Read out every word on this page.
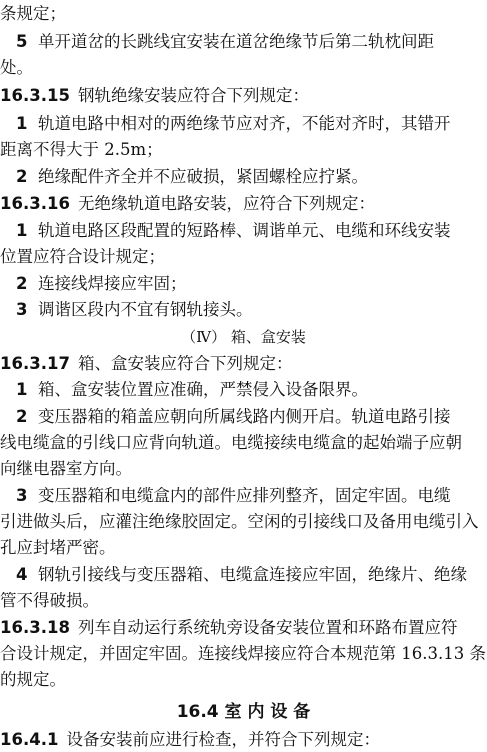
条规定；
5 单开道岔的长跳线宜安装在道岔绝缘节后第二轨枕间距
处。
16.3.15 钢轨绝缘安装应符合下列规定：
1 轨道电路中相对的两绝缘节应对齐，不能对齐时，其错开
距离不得大于 2.5m；
2 绝缘配件齐全并不应破损，紧固螺栓应拧紧。
16.3.16 无绝缘轨道电路安装，应符合下列规定：
1 轨道电路区段配置的短路棒、调谐单元、电缆和环线安装
位置应符合设计规定；
2 连接线焊接应牢固；
3 调谐区段内不宜有钢轨接头。
（Ⅳ） 箱、盒安装
16.3.17 箱、盒安装应符合下列规定：
1 箱、盒安装位置应准确，严禁侵入设备限界。
2 变压器箱的箱盖应朝向所属线路内侧开启。轨道电路引接
线电缆盒的引线口应背向轨道。电缆接续电缆盒的起始端子应朝
向继电器室方向。
3 变压器箱和电缆盒内的部件应排列整齐，固定牢固。电缆
引进做头后，应灌注绝缘胶固定。空闲的引接线口及备用电缆引入
孔应封堵严密。
4 钢轨引接线与变压器箱、电缆盒连接应牢固，绝缘片、绝缘
管不得破损。
16.3.18 列车自动运行系统轨旁设备安装位置和环路布置应符
合设计规定，并固定牢固。连接线焊接应符合本规范第 16.3.13 条
的规定。
16.4 室 内 设 备
16.4.1 设备安装前应进行检查，并符合下列规定：
